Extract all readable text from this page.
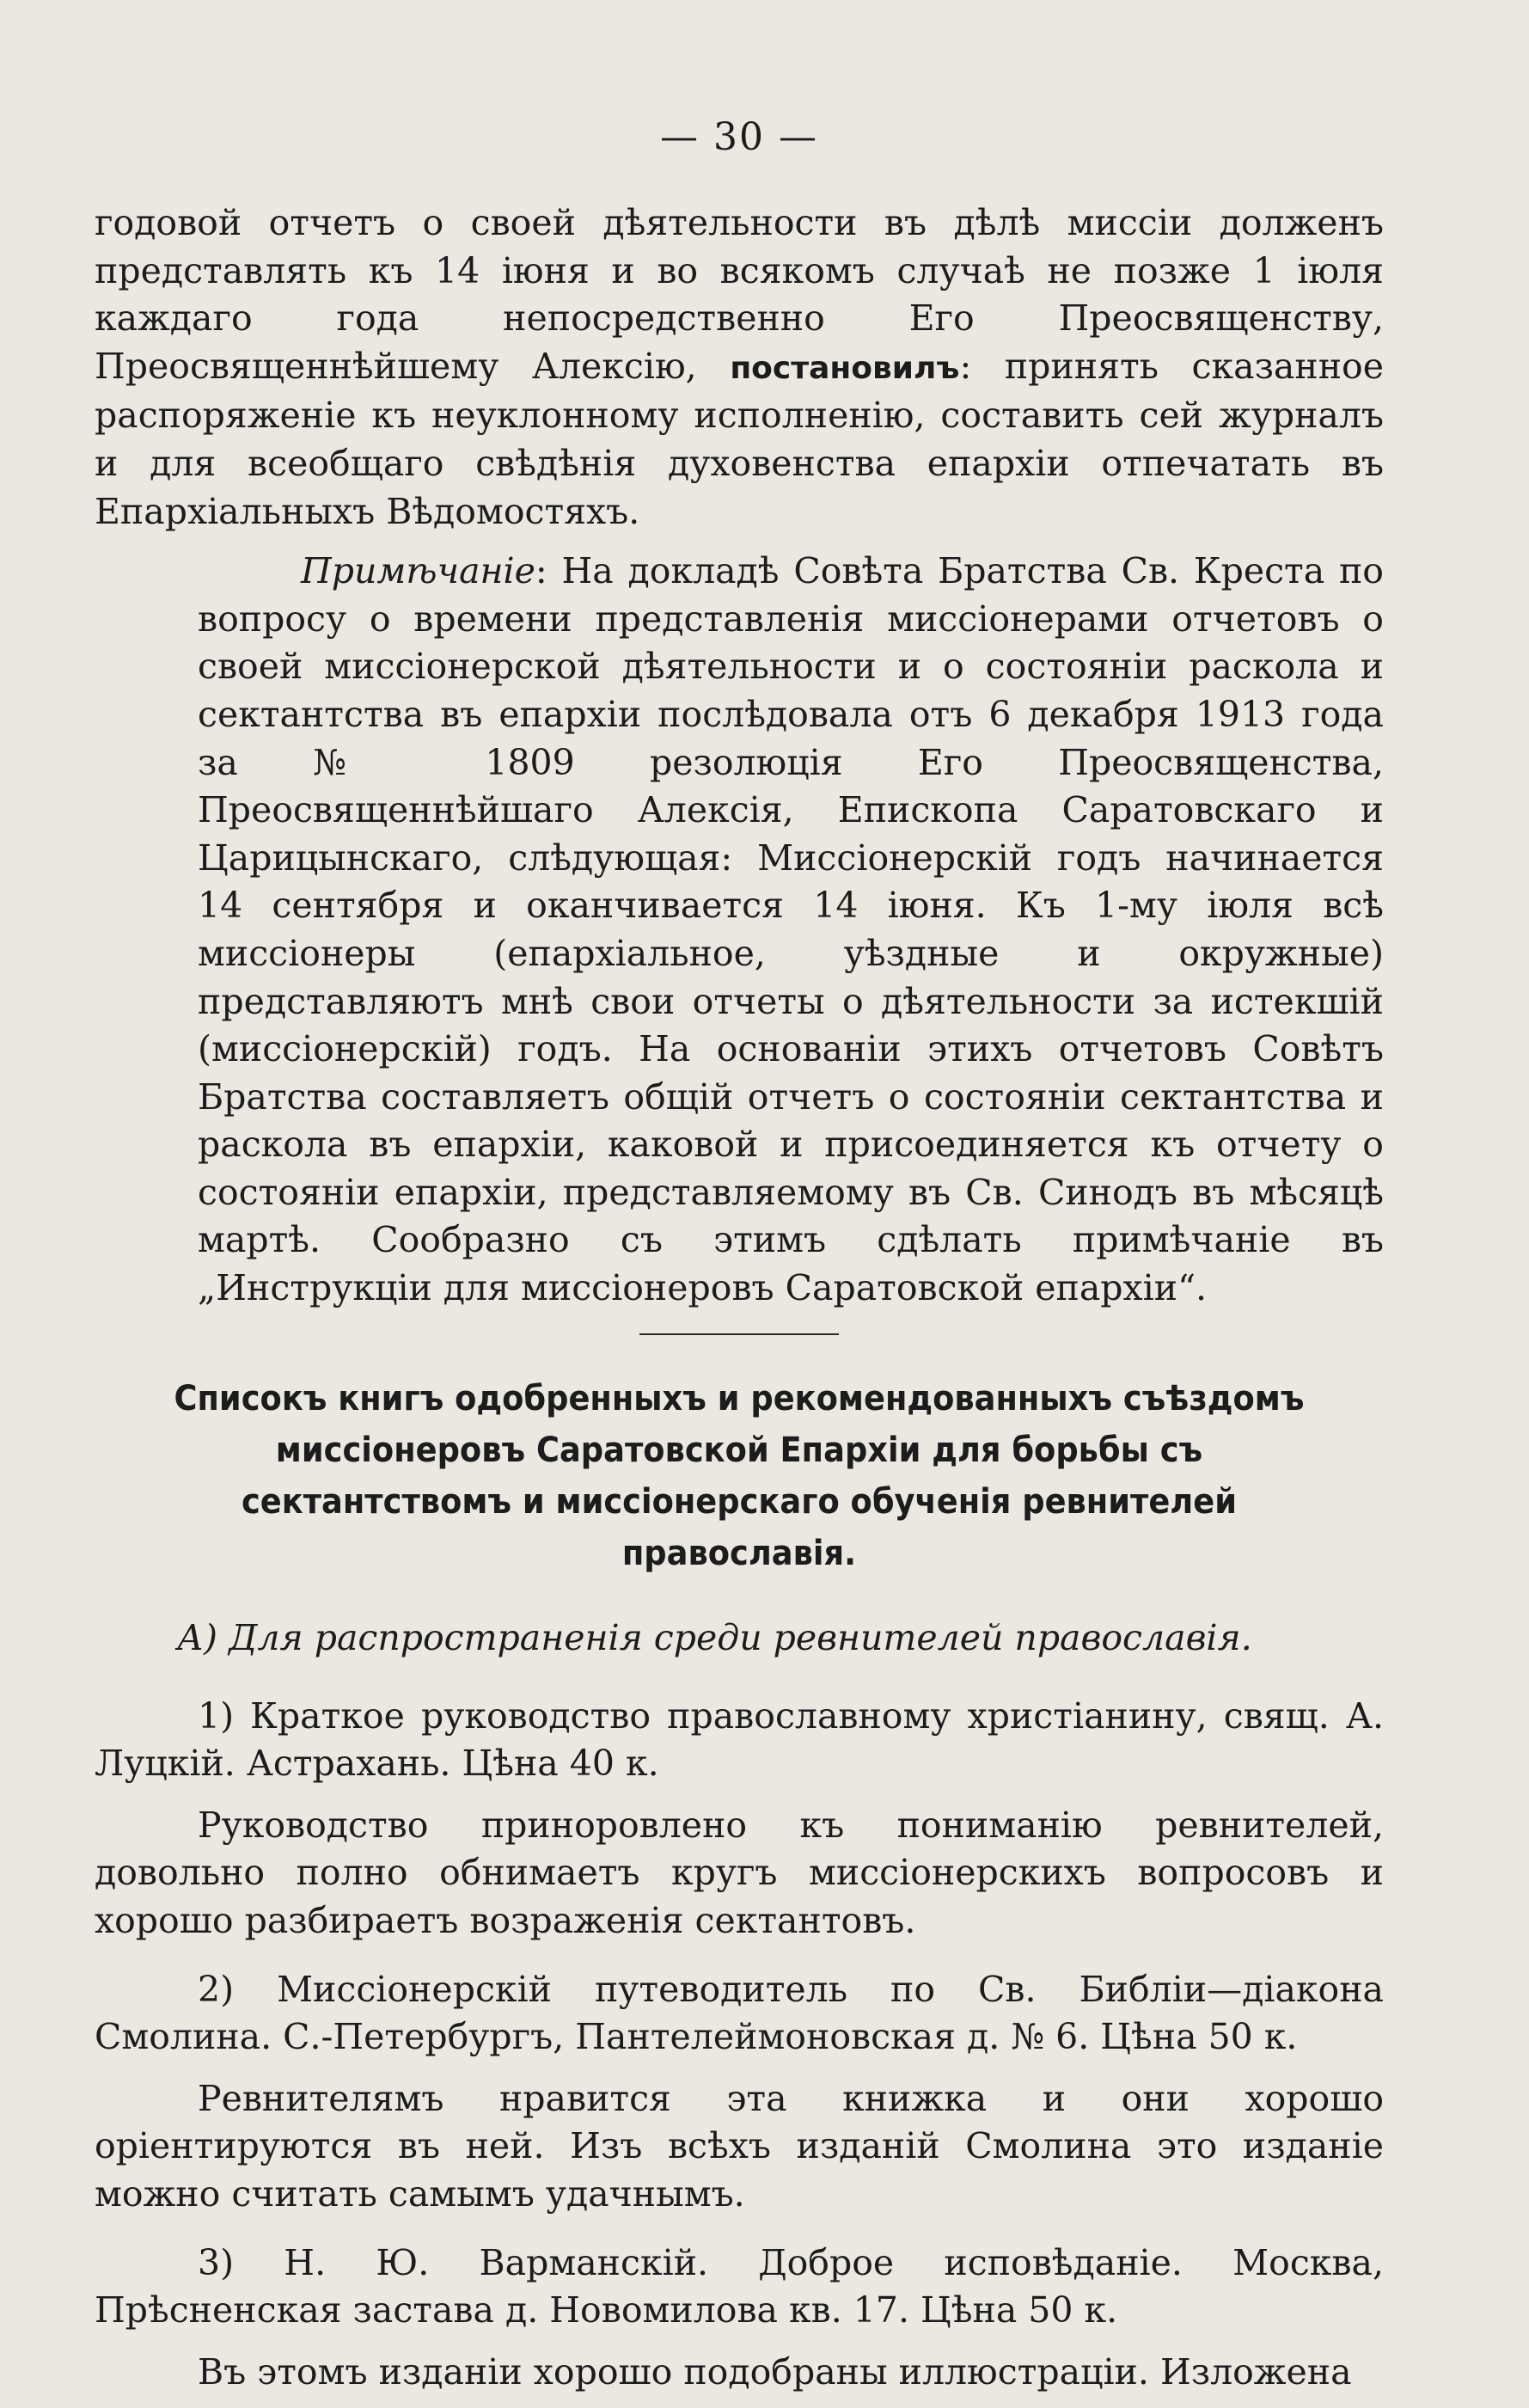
— 30 —

годовой отчетъ о своей дѣятельности въ дѣлѣ миссіи долженъ представлять къ 14 іюня и во всякомъ случаѣ не позже 1 іюля каждаго года непосредственно Его Преосвященству, Преосвященнѣйшему Алексію, постановилъ: принять сказанное распоряженіе къ неуклонному исполненію, составить сей журналъ и для всеобщаго свѣдѣнія духовенства епархіи отпечатать въ Епархіальныхъ Вѣдомостяхъ.

Примѣчаніе: На докладѣ Совѣта Братства Св. Креста по вопросу о времени представленія миссіонерами отчетовъ о своей миссіонерской дѣятельности и о состояніи раскола и сектантства въ епархіи послѣдовала отъ 6 декабря 1913 года за № 1809 резолюція Его Преосвященства, Преосвященнѣйшаго Алексія, Епископа Саратовскаго и Царицынскаго, слѣдующая: Миссіонерскій годъ начинается 14 сентября и оканчивается 14 іюня. Къ 1-му іюля всѣ миссіонеры (епархіальное, уѣздные и окружные) представляютъ мнѣ свои отчеты о дѣятельности за истекшій (миссіонерскій) годъ. На основаніи этихъ отчетовъ Совѣтъ Братства составляетъ общій отчетъ о состояніи сектантства и раскола въ епархіи, каковой и присоединяется къ отчету о состояніи епархіи, представляемому въ Св. Синодъ въ мѣсяцѣ мартѣ. Сообразно съ этимъ сдѣлать примѣчаніе въ „Инструкціи для миссіонеровъ Саратовской епархіи“.

Списокъ книгъ одобренныхъ и рекомендованныхъ съѣздомъ миссіонеровъ Саратовской Епархіи для борьбы съ сектантствомъ и миссіонерскаго обученія ревнителей православія.
А) Для распространенія среди ревнителей православія.

1) Краткое руководство православному христіанину, свящ. А. Луцкій. Астрахань. Цѣна 40 к.

Руководство приноровлено къ пониманію ревнителей, довольно полно обнимаетъ кругъ миссіонерскихъ вопросовъ и хорошо разбираетъ возраженія сектантовъ.

2) Миссіонерскій путеводитель по Св. Библіи—діакона Смолина. С.-Петербургъ, Пантелеймоновская д. № 6. Цѣна 50 к.

Ревнителямъ нравится эта книжка и они хорошо оріентируются въ ней. Изъ всѣхъ изданій Смолина это изданіе можно считать самымъ удачнымъ.

3) Н. Ю. Варманскій. Доброе исповѣданіе. Москва, Прѣсненская застава д. Новомилова кв. 17. Цѣна 50 к.

Въ этомъ изданіи хорошо подобраны иллюстраціи. Изложена
